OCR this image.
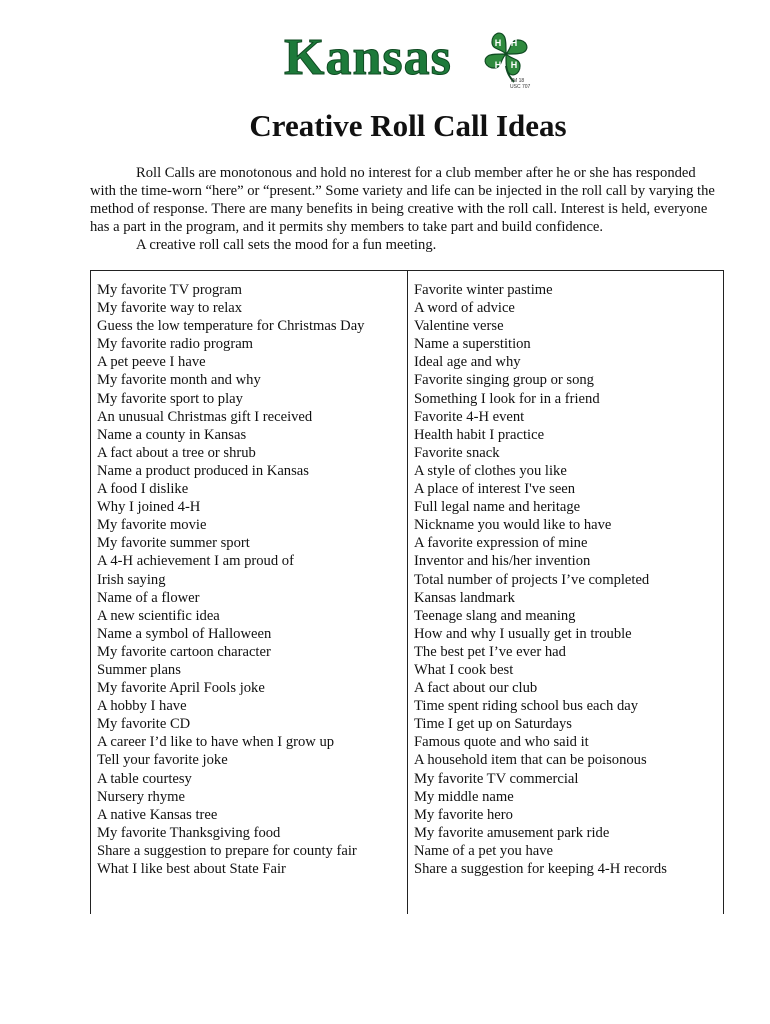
Kansas	H H
H H
TM 18 USC 707
Creative Roll Call Ideas

Roll Calls are monotonous and hold no interest for a club member after he or she has responded with the time-worn “here” or “present.” Some variety and life can be injected in the roll call by varying the method of response. There are many benefits in being creative with the roll call. Interest is held, everyone has a part in the program, and it permits shy members to take part and build confidence.

A creative roll call sets the mood for a fun meeting.

My favorite TV program
My favorite way to relax
Guess the low temperature for Christmas Day
My favorite radio program
A pet peeve I have
My favorite month and why
My favorite sport to play
An unusual Christmas gift I received
Name a county in Kansas
A fact about a tree or shrub
Name a product produced in Kansas
A food I dislike
Why I joined 4-H
My favorite movie
My favorite summer sport
A 4-H achievement I am proud of
Irish saying
Name of a flower
A new scientific idea
Name a symbol of Halloween
My favorite cartoon character
Summer plans
My favorite April Fools joke
A hobby I have
My favorite CD
A career I’d like to have when I grow up
Tell your favorite joke
A table courtesy
Nursery rhyme
A native Kansas tree
My favorite Thanksgiving food
Share a suggestion to prepare for county fair
What I like best about State Fair
Favorite winter pastime
A word of advice
Valentine verse
Name a superstition
Ideal age and why
Favorite singing group or song
Something I look for in a friend
Favorite 4-H event
Health habit I practice
Favorite snack
A style of clothes you like
A place of interest I've seen
Full legal name and heritage
Nickname you would like to have
A favorite expression of mine
Inventor and his/her invention
Total number of projects I’ve completed
Kansas landmark
Teenage slang and meaning
How and why I usually get in trouble
The best pet I’ve ever had
What I cook best
A fact about our club
Time spent riding school bus each day
Time I get up on Saturdays
Famous quote and who said it
A household item that can be poisonous
My favorite TV commercial
My middle name
My favorite hero
My favorite amusement park ride
Name of a pet you have
Share a suggestion for keeping 4-H records
